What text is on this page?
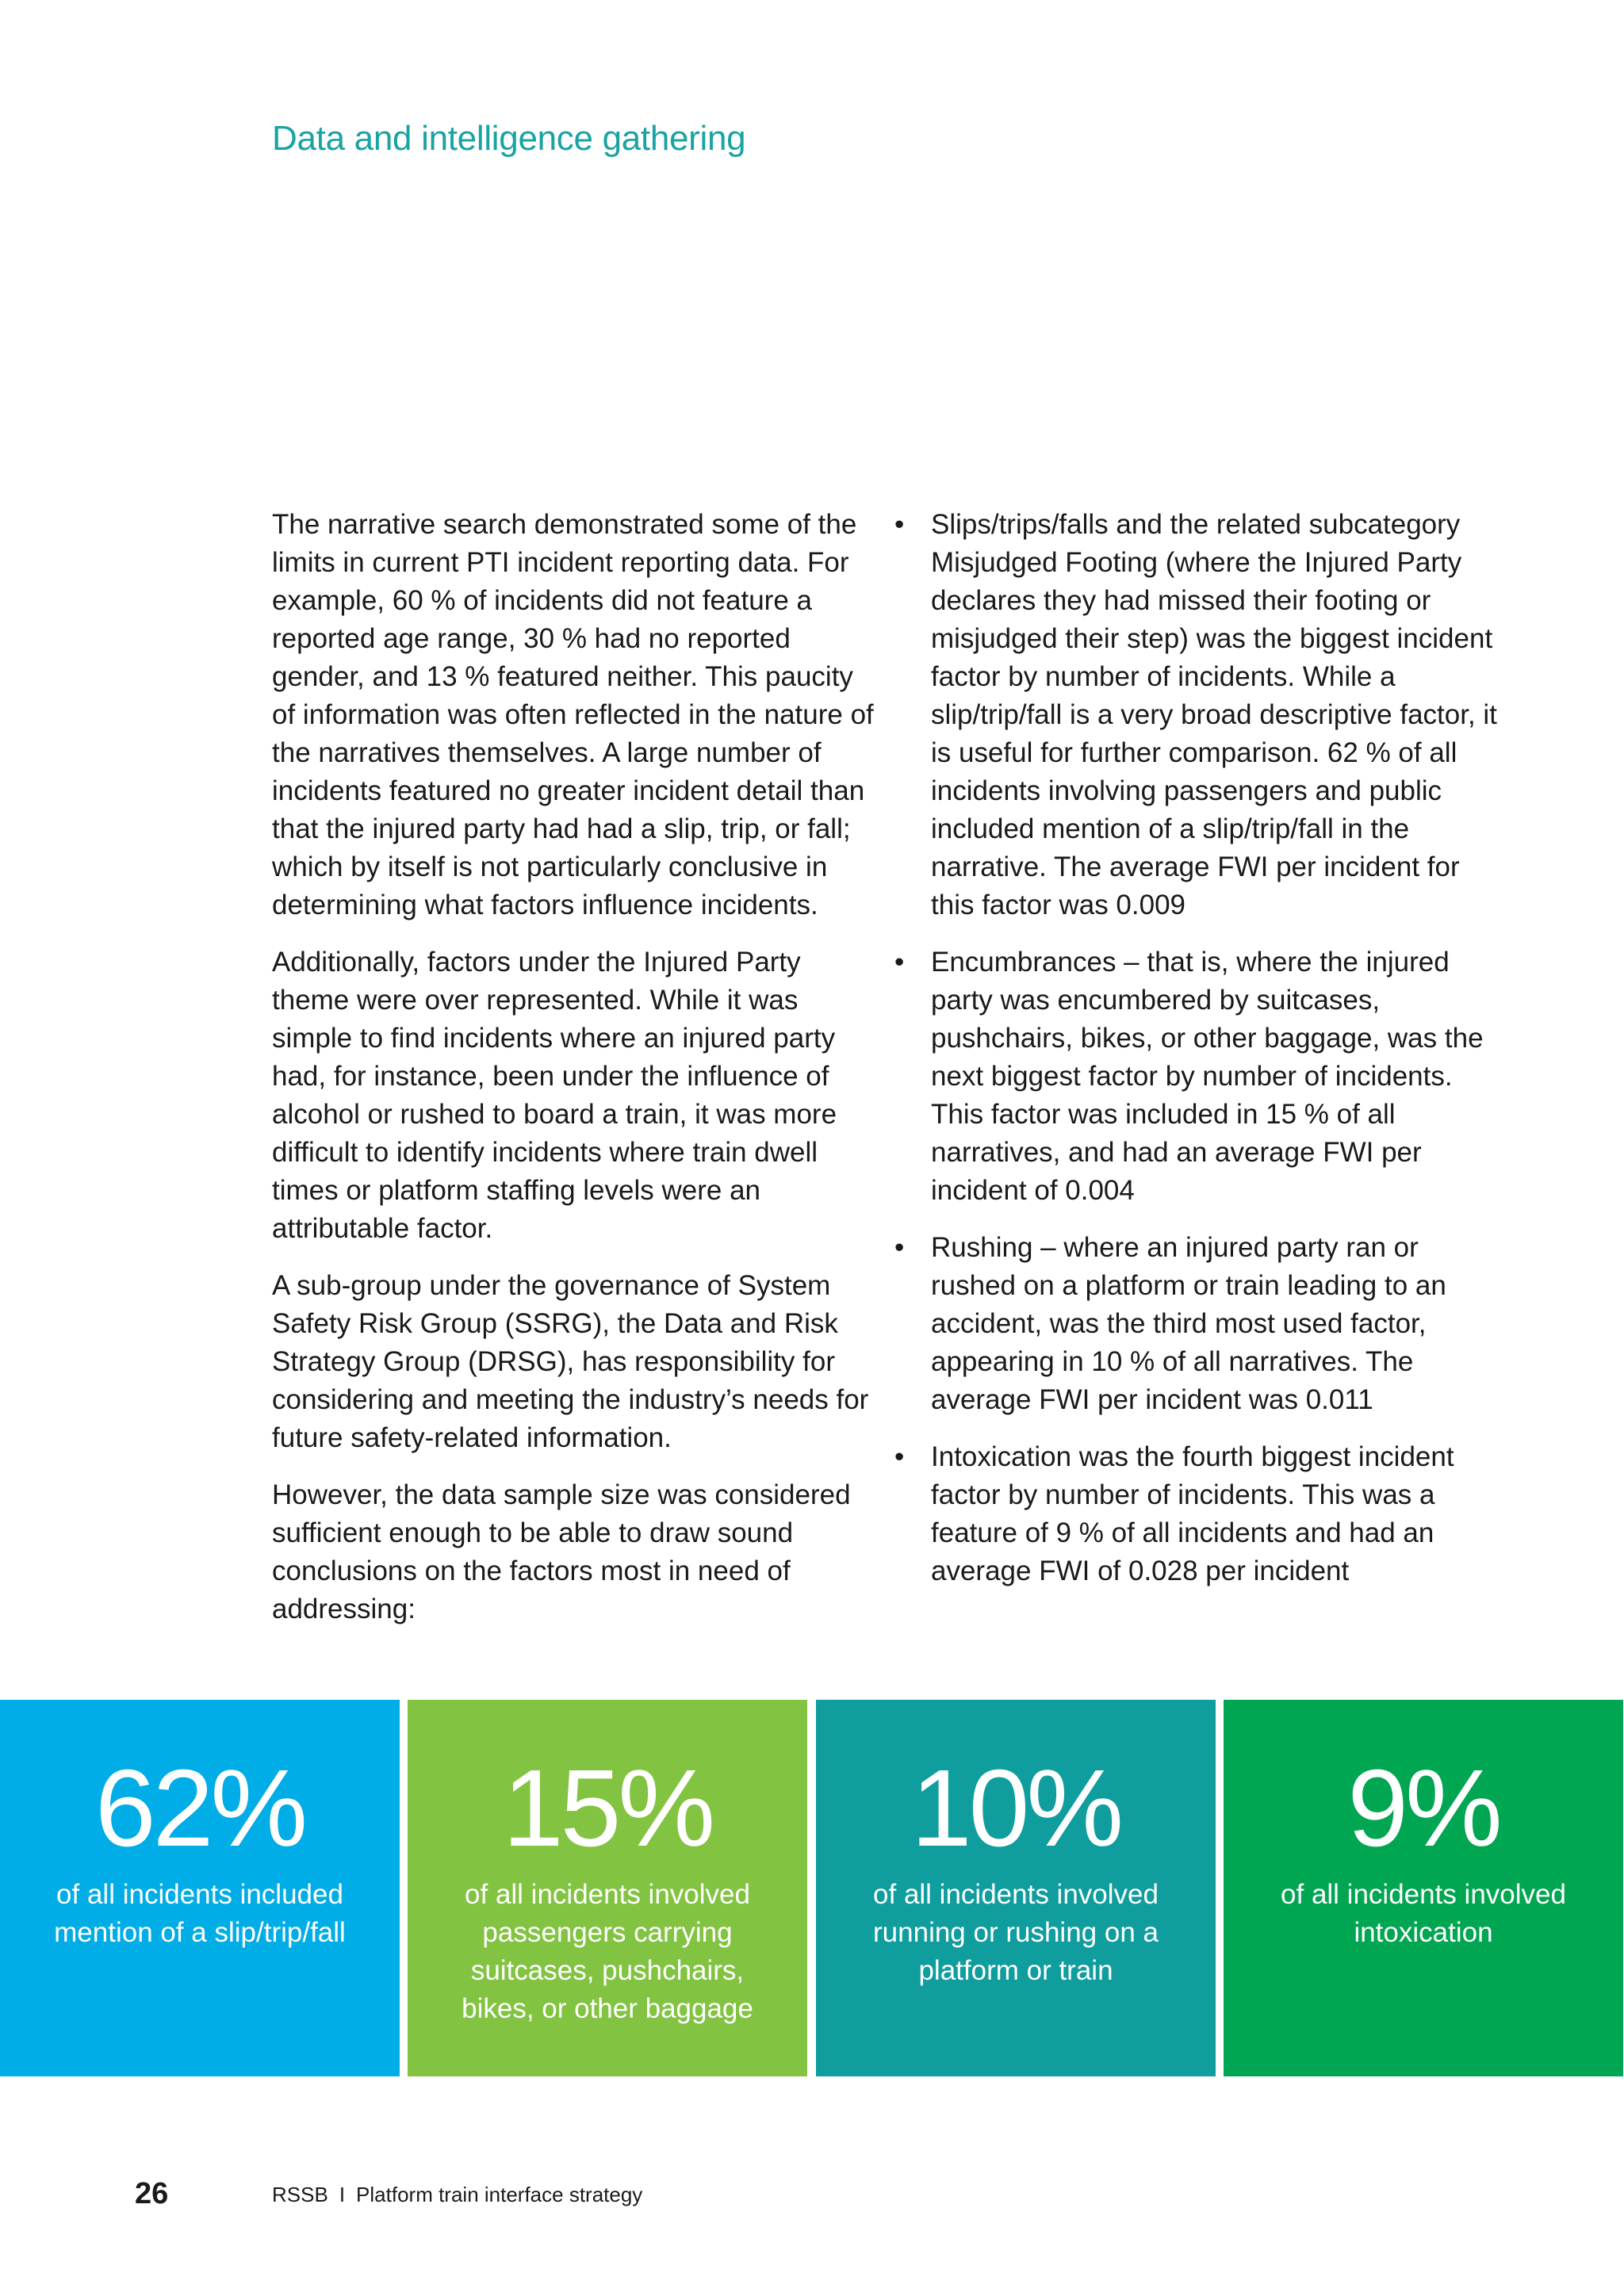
Data and intelligence gathering

The narrative search demonstrated some of the limits in current PTI incident reporting data. For example, 60 % of incidents did not feature a reported age range, 30 % had no reported gender, and 13 % featured neither. This paucity of information was often reflected in the nature of the narratives themselves. A large number of incidents featured no greater incident detail than that the injured party had had a slip, trip, or fall; which by itself is not particularly conclusive in determining what factors influence incidents.

Additionally, factors under the Injured Party theme were over represented. While it was simple to find incidents where an injured party had, for instance, been under the influence of alcohol or rushed to board a train, it was more difficult to identify incidents where train dwell times or platform staffing levels were an attributable factor.

A sub-group under the governance of System Safety Risk Group (SSRG), the Data and Risk Strategy Group (DRSG), has responsibility for considering and meeting the industry’s needs for future safety-related information.

However, the data sample size was considered sufficient enough to be able to draw sound conclusions on the factors most in need of addressing:

• Slips/trips/falls and the related subcategory Misjudged Footing (where the Injured Party declares they had missed their footing or misjudged their step) was the biggest incident factor by number of incidents. While a slip/trip/fall is a very broad descriptive factor, it is useful for further comparison. 62 % of all incidents involving passengers and public included mention of a slip/trip/fall in the narrative. The average FWI per incident for this factor was 0.009
• Encumbrances – that is, where the injured party was encumbered by suitcases, pushchairs, bikes, or other baggage, was the next biggest factor by number of incidents. This factor was included in 15 % of all narratives, and had an average FWI per incident of 0.004
• Rushing – where an injured party ran or rushed on a platform or train leading to an accident, was the third most used factor, appearing in 10 % of all narratives. The average FWI per incident was 0.011
• Intoxication was the fourth biggest incident factor by number of incidents. This was a feature of 9 % of all incidents and had an average FWI of 0.028 per incident
62%
of all incidents included mention of a slip/trip/fall
15%
of all incidents involved passengers carrying suitcases, pushchairs, bikes, or other baggage
10%
of all incidents involved running or rushing on a platform or train
9%
of all incidents involved intoxication
26	RSSB I Platform train interface strategy
